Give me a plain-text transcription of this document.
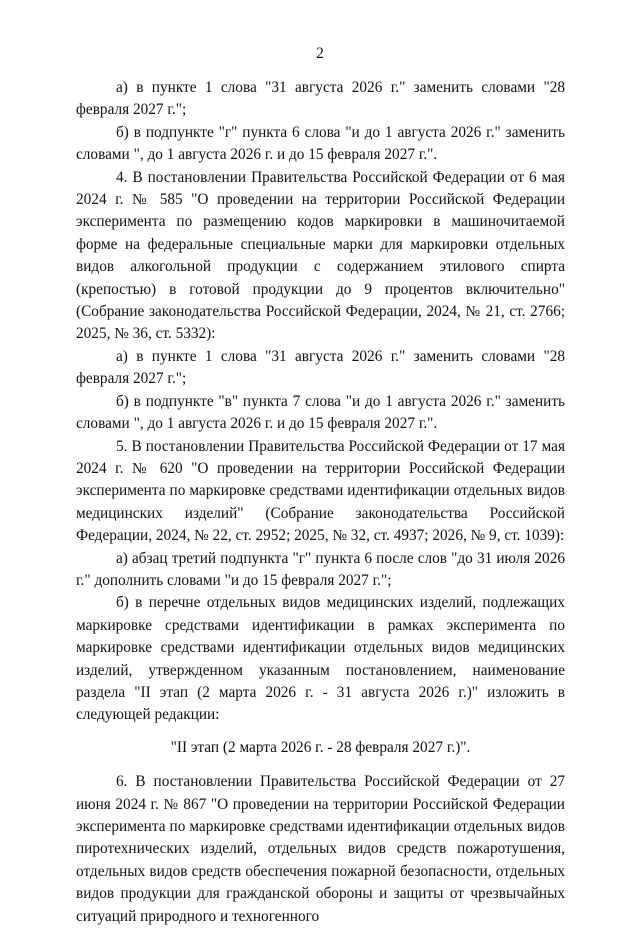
2

а) в пункте 1 слова "31 августа 2026 г." заменить словами "28 февраля 2027 г.";

б) в подпункте "г" пункта 6 слова "и до 1 августа 2026 г." заменить словами ", до 1 августа 2026 г. и до 15 февраля 2027 г.".

4. В постановлении Правительства Российской Федерации от 6 мая 2024 г. № 585 "О проведении на территории Российской Федерации эксперимента по размещению кодов маркировки в машиночитаемой форме на федеральные специальные марки для маркировки отдельных видов алкогольной продукции с содержанием этилового спирта (крепостью) в готовой продукции до 9 процентов включительно" (Собрание законодательства Российской Федерации, 2024, № 21, ст. 2766; 2025, № 36, ст. 5332):

а) в пункте 1 слова "31 августа 2026 г." заменить словами "28 февраля 2027 г.";

б) в подпункте "в" пункта 7 слова "и до 1 августа 2026 г." заменить словами ", до 1 августа 2026 г. и до 15 февраля 2027 г.".

5. В постановлении Правительства Российской Федерации от 17 мая 2024 г. № 620 "О проведении на территории Российской Федерации эксперимента по маркировке средствами идентификации отдельных видов медицинских изделий" (Собрание законодательства Российской Федерации, 2024, № 22, ст. 2952; 2025, № 32, ст. 4937; 2026, № 9, ст. 1039):

а) абзац третий подпункта "г" пункта 6 после слов "до 31 июля 2026 г." дополнить словами "и до 15 февраля 2027 г.";

б) в перечне отдельных видов медицинских изделий, подлежащих маркировке средствами идентификации в рамках эксперимента по маркировке средствами идентификации отдельных видов медицинских изделий, утвержденном указанным постановлением, наименование раздела "II этап (2 марта 2026 г. - 31 августа 2026 г.)" изложить в следующей редакции:

"II этап (2 марта 2026 г. - 28 февраля 2027 г.)".

6. В постановлении Правительства Российской Федерации от 27 июня 2024 г. № 867 "О проведении на территории Российской Федерации эксперимента по маркировке средствами идентификации отдельных видов пиротехнических изделий, отдельных видов средств пожаротушения, отдельных видов средств обеспечения пожарной безопасности, отдельных видов продукции для гражданской обороны и защиты от чрезвычайных ситуаций природного и техногенного
